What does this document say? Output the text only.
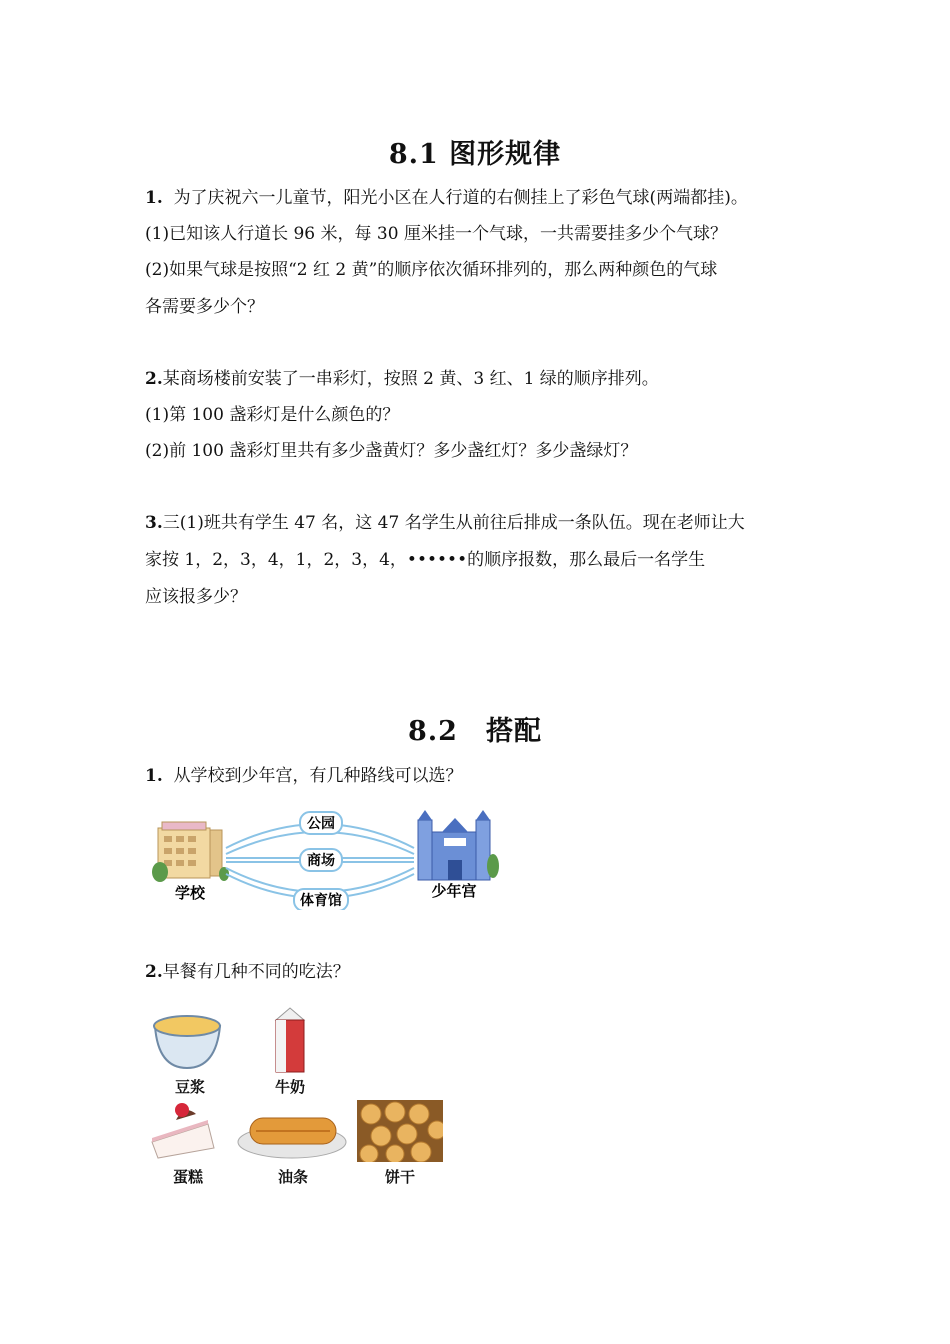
8.1 图形规律
1. 为了庆祝六一儿童节，阳光小区在人行道的右侧挂上了彩色气球(两端都挂)。
(1)已知该人行道长 96 米，每 30 厘米挂一个气球，一共需要挂多少个气球？
(2)如果气球是按照“2 红 2 黄”的顺序依次循环排列的，那么两种颜色的气球
各需要多少个？
2.某商场楼前安装了一串彩灯，按照 2 黄、3 红、1 绿的顺序排列。
(1)第 100 盏彩灯是什么颜色的？
(2)前 100 盏彩灯里共有多少盏黄灯？多少盏红灯？多少盏绿灯？
3.三(1)班共有学生 47 名，这 47 名学生从前往后排成一条队伍。现在老师让大
家按 1，2，3，4，1，2，3，4，••••••的顺序报数，那么最后一名学生
应该报多少？
8.2　搭配
1. 从学校到少年宫，有几种路线可以选？
学校	少年宫
公园
商场
体育馆
2.早餐有几种不同的吃法？
豆浆	牛奶
蛋糕	油条	饼干
